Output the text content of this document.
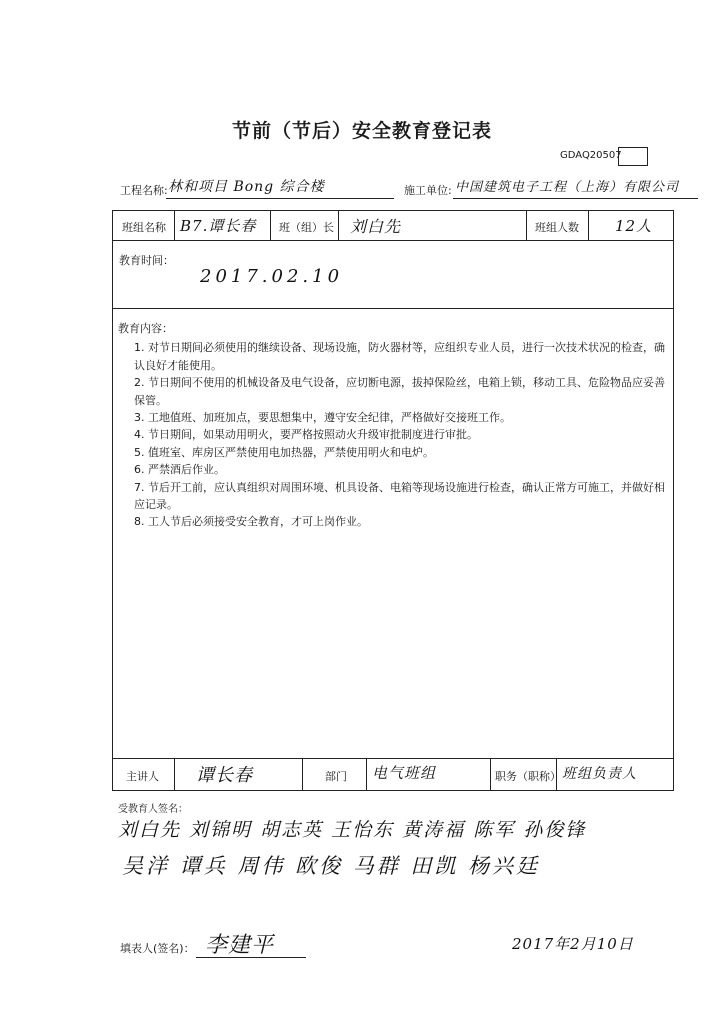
节前（节后）安全教育登记表
GDAQ20507
工程名称: 林和项目 Bong 综合楼	施工单位: 中国建筑电子工程（上海）有限公司
班组名称 B7.谭长春 班（组）长 刘白先	班组人数 12人
教育时间：
2017.02.10
教育内容：
1. 对节日期间必须使用的继续设备、现场设施，防火器材等，应组织专业人员，进行一次技术状况的检查，确认良好才能使用。
2. 节日期间不使用的机械设备及电气设备，应切断电源，拔掉保险丝，电箱上锁，移动工具、危险物品应妥善保管。
3. 工地值班、加班加点，要思想集中，遵守安全纪律，严格做好交接班工作。
4. 节日期间，如果动用明火，要严格按照动火升级审批制度进行审批。
5. 值班室、库房区严禁使用电加热器，严禁使用明火和电炉。
6. 严禁酒后作业。
7. 节后开工前，应认真组织对周围环境、机具设备、电箱等现场设施进行检查，确认正常方可施工，并做好相应记录。
8. 工人节后必须接受安全教育，才可上岗作业。
主讲人 谭长春	部门 电气班组	职务（职称） 班组负责人
受教育人签名：
刘白先 刘锦明 胡志英 王怡东 黄涛福 陈军 孙俊锋
吴洋 谭兵 周伟 欧俊 马群 田凯 杨兴廷
填表人(签名)： 李建平	2017年2月10日
